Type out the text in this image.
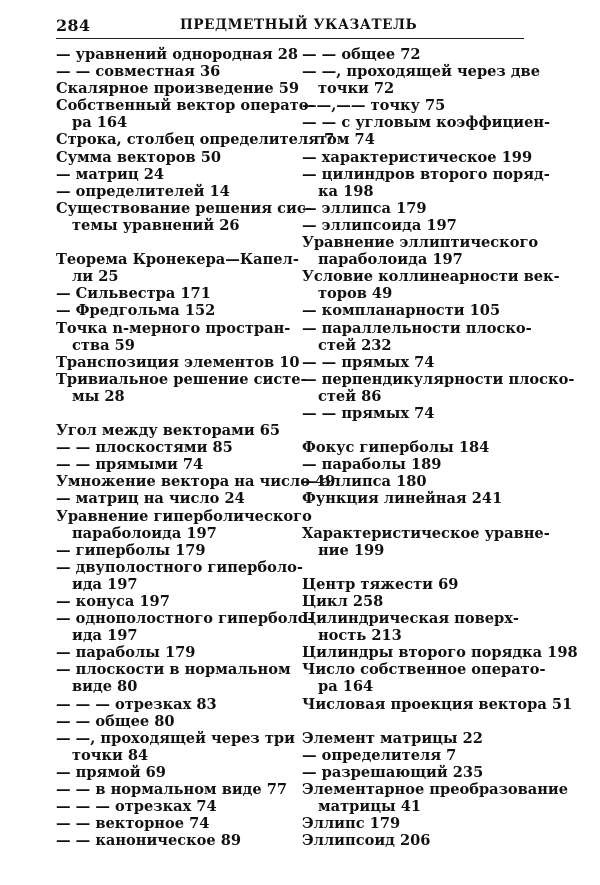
284	ПРЕДМЕТНЫЙ УКАЗАТЕЛЬ
— уравнений однородная 28
— — совместная 36
Скалярное произведение 59
Собственный вектор операто-
ра 164
Строка, столбец определителя 7
Сумма векторов 50
— матриц 24
— определителей 14
Существование решения сис-
темы уравнений 26
Теорема Кронекера—Капел-
ли 25
— Сильвестра 171
— Фредгольма 152
Точка n-мерного простран-
ства 59
Транспозиция элементов 10
Тривиальное решение систе-
мы 28
Угол между векторами 65
— — плоскостями 85
— — прямыми 74
Умножение вектора на число 49
— матриц на число 24
Уравнение гиперболического
параболоида 197
— гиперболы 179
— двуполостного гиперболо-
ида 197
— конуса 197
— однополостного гиперболо-
ида 197
— параболы 179
— плоскости в нормальном
виде 80
— — — отрезках 83
— — общее 80
— —, проходящей через три
точки 84
— прямой 69
— — в нормальном виде 77
— — — отрезках 74
— — векторное 74
— — каноническое 89
— — общее 72
— —, проходящей через две
точки 72
——,—— точку 75
— — с угловым коэффициен-
том 74
— характеристическое 199
— цилиндров второго поряд-
ка 198
— эллипса 179
— эллипсоида 197
Уравнение эллиптического
параболоида 197
Условие коллинеарности век-
торов 49
— компланарности 105
— параллельности плоско-
стей 232
— — прямых 74
— перпендикулярности плоско-
стей 86
— — прямых 74
Фокус гиперболы 184
— параболы 189
— эллипса 180
Функция линейная 241
Характеристическое уравне-
ние 199
Центр тяжести 69
Цикл 258
Цилиндрическая поверх-
ность 213
Цилиндры второго порядка 198
Число собственное операто-
ра 164
Числовая проекция вектора 51
Элемент матрицы 22
— определителя 7
— разрешающий 235
Элементарное преобразование
матрицы 41
Эллипс 179
Эллипсоид 206
